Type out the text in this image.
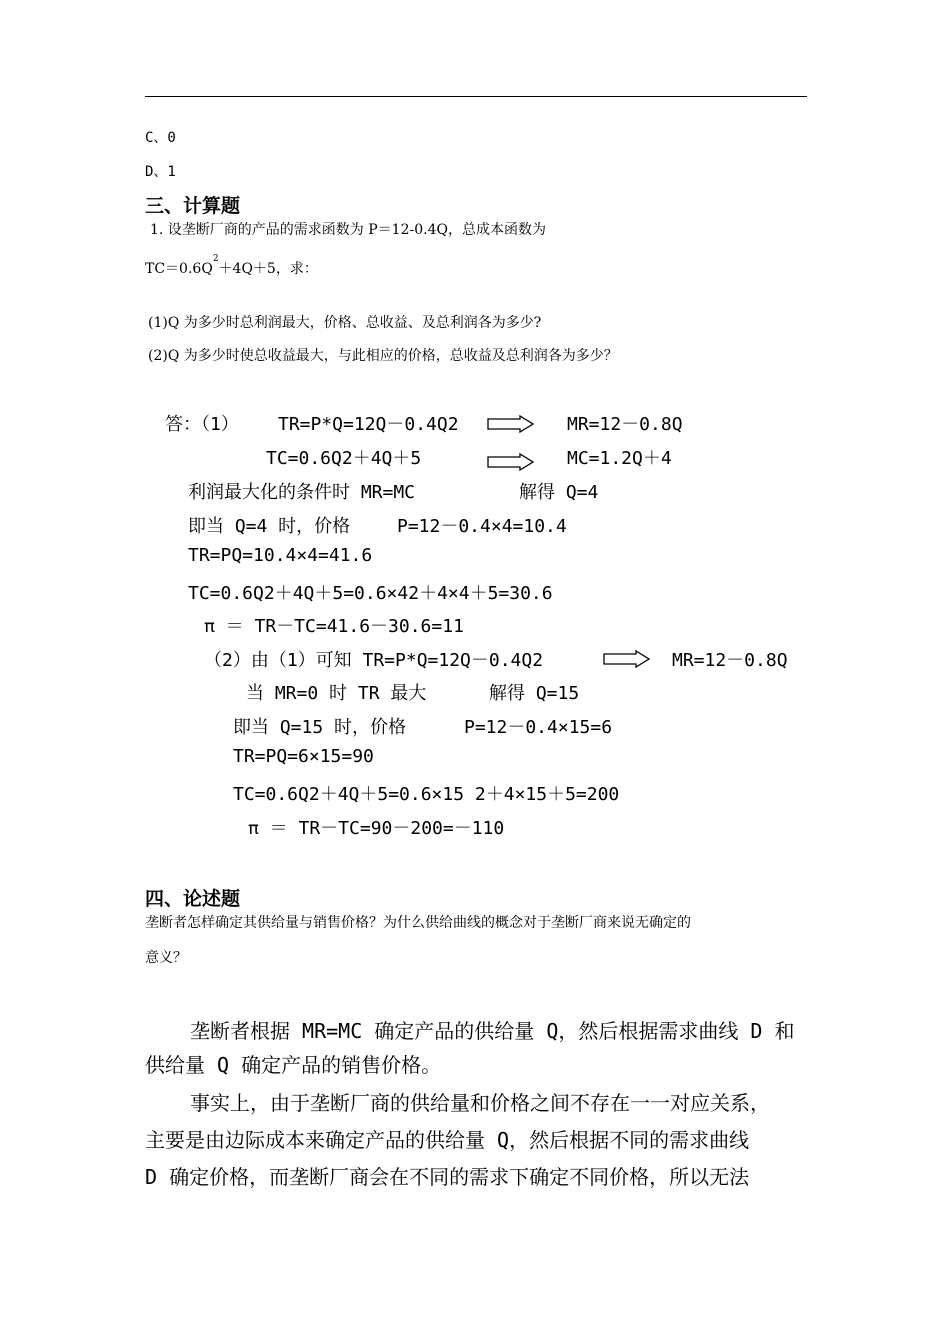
C、0
D、1
三、计算题
1. 设垄断厂商的产品的需求函数为 P＝12-0.4Q，总成本函数为
$TC=0.6Q^2+4Q+5$，求：
(1)Q 为多少时总利润最大，价格、总收益、及总利润各为多少?
(2)Q 为多少时使总收益最大，与此相应的价格，总收益及总利润各为多少？
答：（1） TR=P*Q=12Q－0.4Q2	MR=12－0.8Q
TC=0.6Q2＋4Q＋5	MC=1.2Q＋4
利润最大化的条件时 MR=MC	解得 Q=4
即当 Q=4 时，价格	P=12－0.4×4=10.4
TR=PQ=10.4×4=41.6
TC=0.6Q2＋4Q＋5=0.6×42＋4×4＋5=30.6
π ＝ TR－TC=41.6－30.6=11
（2）由（1）可知 TR=P*Q=12Q－0.4Q2	MR=12－0.8Q
当 MR=0 时 TR 最大	解得 Q=15
即当 Q=15 时，价格	P=12－0.4×15=6
TR=PQ=6×15=90
TC=0.6Q2＋4Q＋5=0.6×15 2＋4×15＋5=200
π ＝ TR－TC=90－200=－110
四、论述题
垄断者怎样确定其供给量与销售价格？为什么供给曲线的概念对于垄断厂商来说无确定的
意义？
垄断者根据 MR=MC 确定产品的供给量 Q，然后根据需求曲线 D 和
供给量 Q 确定产品的销售价格。
事实上，由于垄断厂商的供给量和价格之间不存在一一对应关系，
主要是由边际成本来确定产品的供给量 Q，然后根据不同的需求曲线
D 确定价格，而垄断厂商会在不同的需求下确定不同价格，所以无法
